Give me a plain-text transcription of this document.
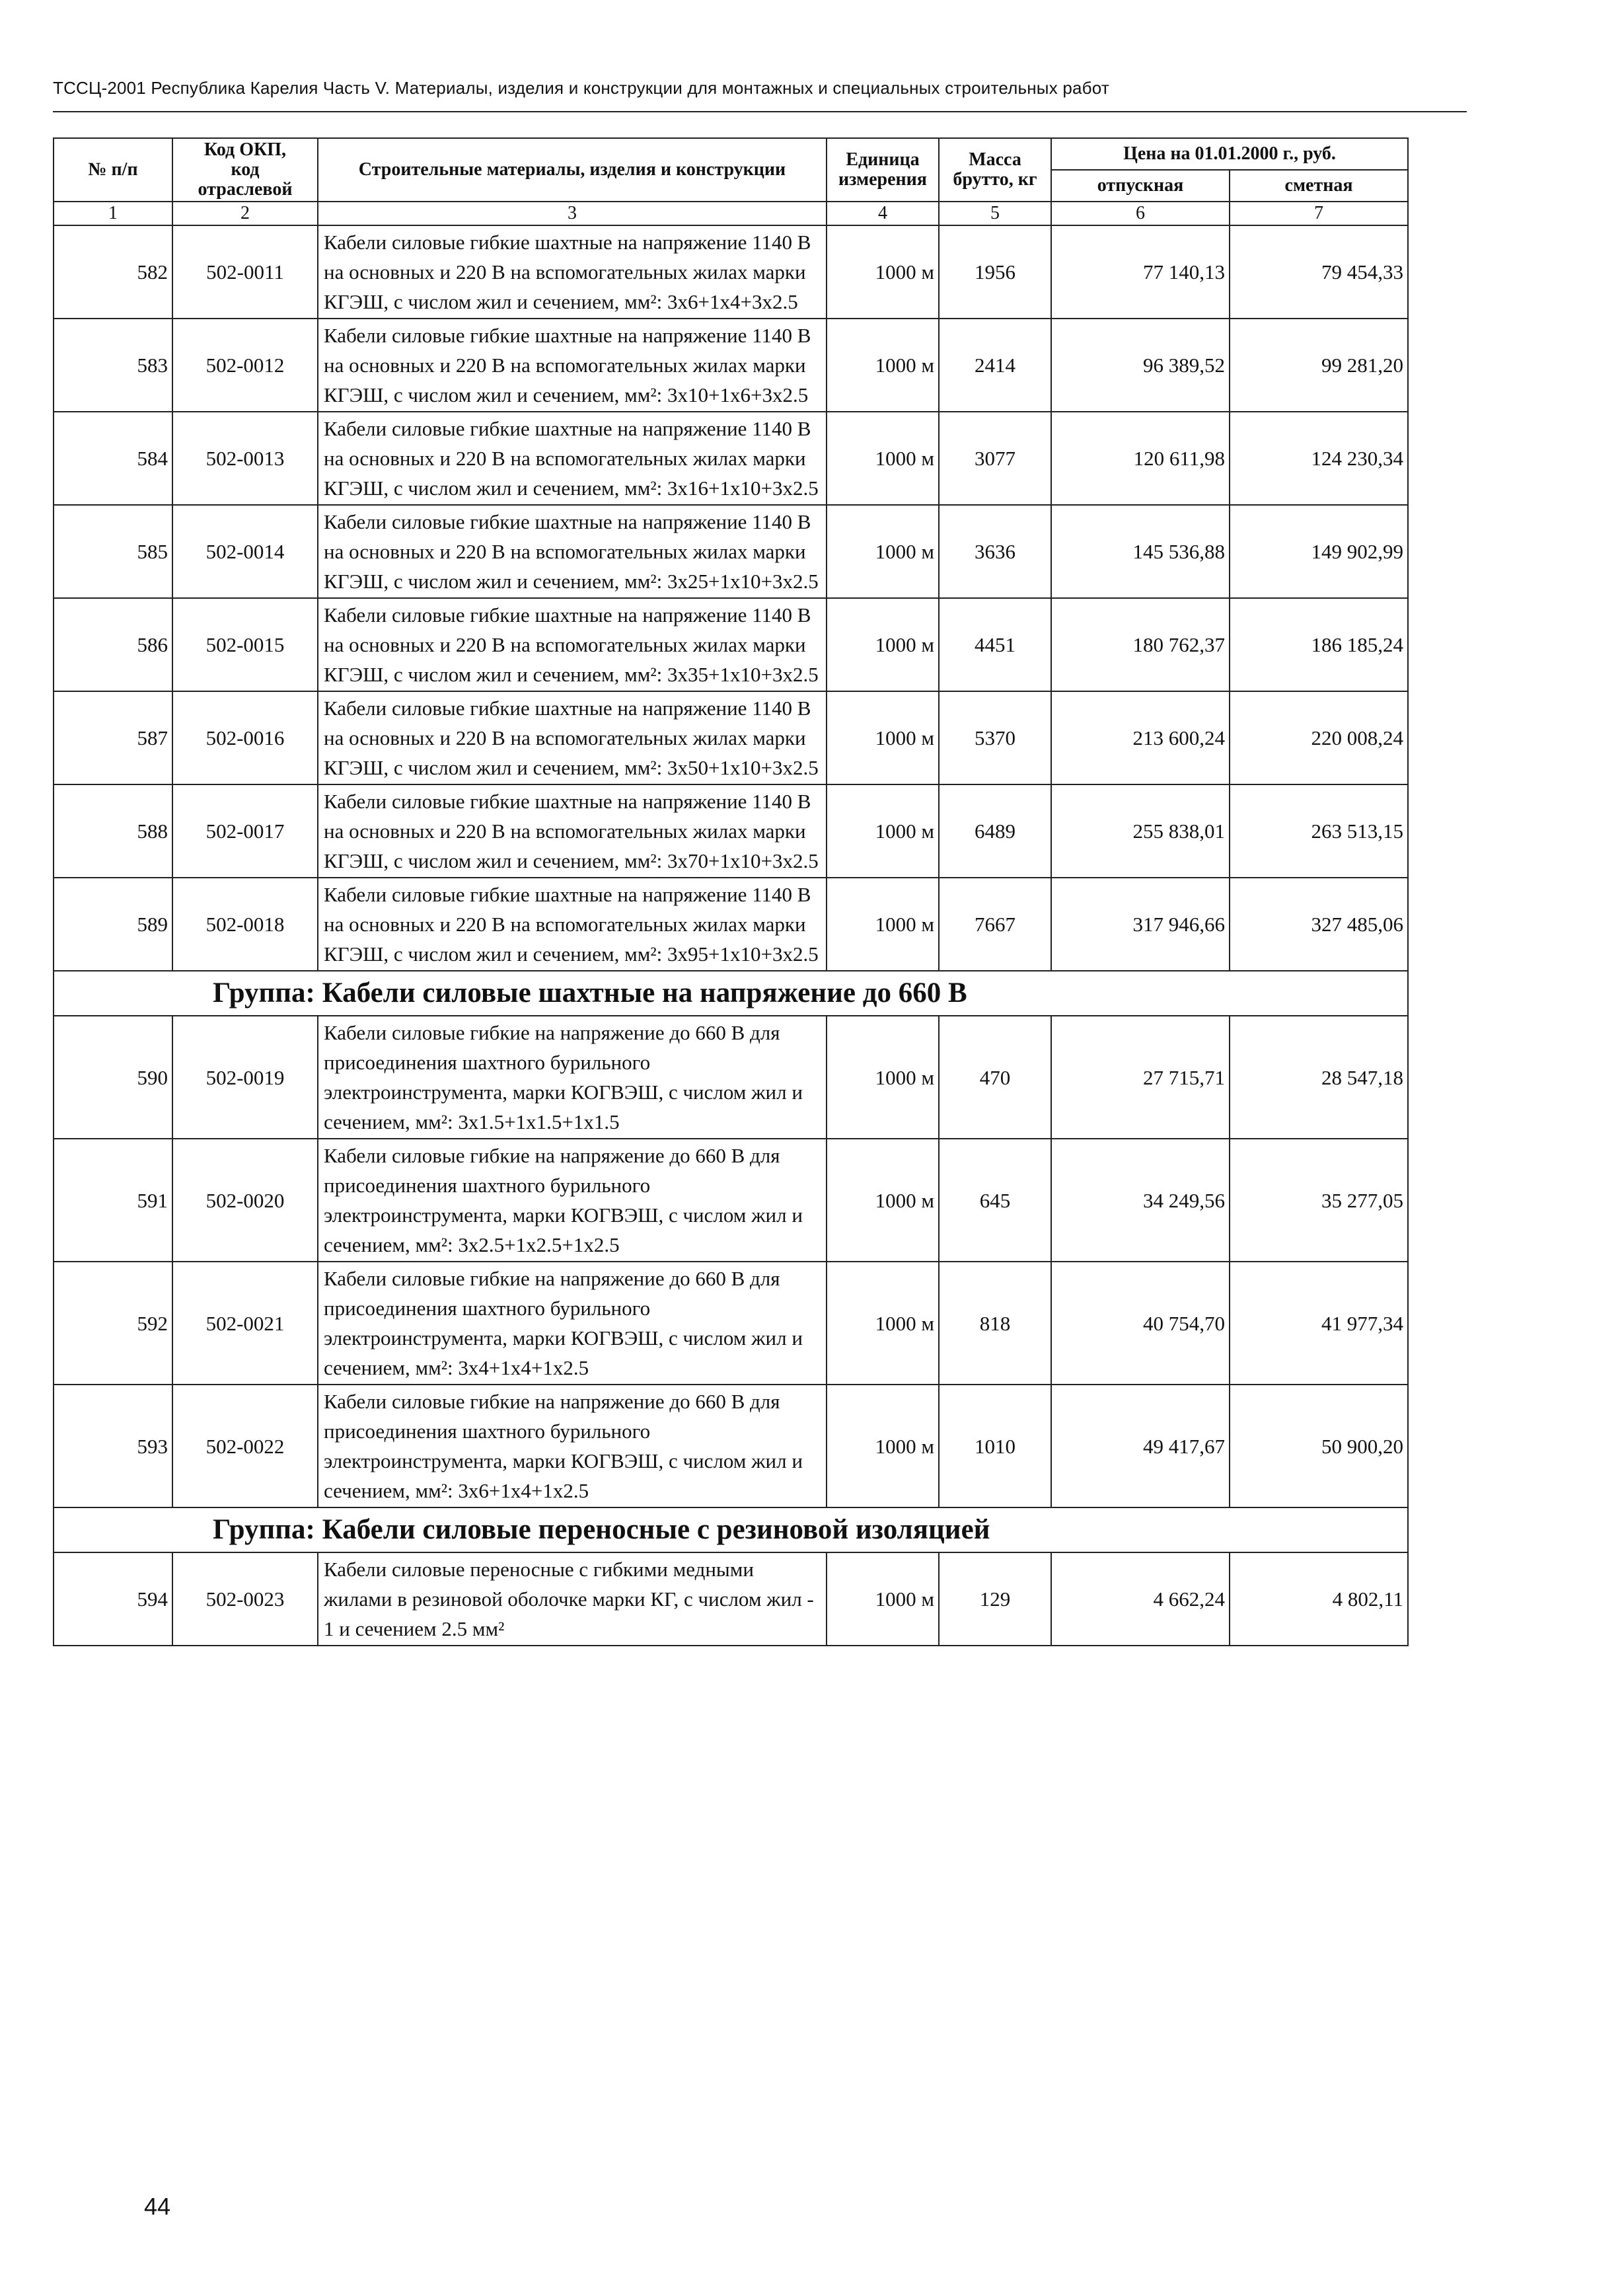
ТССЦ-2001 Республика Карелия Часть V. Материалы, изделия и конструкции для монтажных и специальных строительных работ
№ п/п	Код ОКП,
код
отраслевой	Строительные материалы, изделия и конструкции	Единица измерения	Масса брутто, кг	Цена на 01.01.2000 г., руб.	
					отпускная	сметная
1	2	3	4	5	6	7
582	502-0011	Кабели силовые гибкие шахтные на напряжение 1140 В на основных и 220 В на вспомогательных жилах марки КГЭШ, с числом жил и сечением, мм²: 3х6+1х4+3х2.5	1000 м	1956	77 140,13	79 454,33
583	502-0012	Кабели силовые гибкие шахтные на напряжение 1140 В на основных и 220 В на вспомогательных жилах марки КГЭШ, с числом жил и сечением, мм²: 3х10+1х6+3х2.5	1000 м	2414	96 389,52	99 281,20
584	502-0013	Кабели силовые гибкие шахтные на напряжение 1140 В на основных и 220 В на вспомогательных жилах марки КГЭШ, с числом жил и сечением, мм²: 3х16+1х10+3х2.5	1000 м	3077	120 611,98	124 230,34
585	502-0014	Кабели силовые гибкие шахтные на напряжение 1140 В на основных и 220 В на вспомогательных жилах марки КГЭШ, с числом жил и сечением, мм²: 3х25+1х10+3х2.5	1000 м	3636	145 536,88	149 902,99
586	502-0015	Кабели силовые гибкие шахтные на напряжение 1140 В на основных и 220 В на вспомогательных жилах марки КГЭШ, с числом жил и сечением, мм²: 3х35+1х10+3х2.5	1000 м	4451	180 762,37	186 185,24
587	502-0016	Кабели силовые гибкие шахтные на напряжение 1140 В на основных и 220 В на вспомогательных жилах марки КГЭШ, с числом жил и сечением, мм²: 3х50+1х10+3х2.5	1000 м	5370	213 600,24	220 008,24
588	502-0017	Кабели силовые гибкие шахтные на напряжение 1140 В на основных и 220 В на вспомогательных жилах марки КГЭШ, с числом жил и сечением, мм²: 3х70+1х10+3х2.5	1000 м	6489	255 838,01	263 513,15
589	502-0018	Кабели силовые гибкие шахтные на напряжение 1140 В на основных и 220 В на вспомогательных жилах марки КГЭШ, с числом жил и сечением, мм²: 3х95+1х10+3х2.5	1000 м	7667	317 946,66	327 485,06
Группа: Кабели силовые шахтные на напряжение до 660 В						
590	502-0019	Кабели силовые гибкие на напряжение до 660 В для присоединения шахтного бурильного электроинструмента, марки КОГВЭШ, с числом жил и сечением, мм²: 3х1.5+1х1.5+1х1.5	1000 м	470	27 715,71	28 547,18
591	502-0020	Кабели силовые гибкие на напряжение до 660 В для присоединения шахтного бурильного электроинструмента, марки КОГВЭШ, с числом жил и сечением, мм²: 3х2.5+1х2.5+1х2.5	1000 м	645	34 249,56	35 277,05
592	502-0021	Кабели силовые гибкие на напряжение до 660 В для присоединения шахтного бурильного электроинструмента, марки КОГВЭШ, с числом жил и сечением, мм²: 3х4+1х4+1х2.5	1000 м	818	40 754,70	41 977,34
593	502-0022	Кабели силовые гибкие на напряжение до 660 В для присоединения шахтного бурильного электроинструмента, марки КОГВЭШ, с числом жил и сечением, мм²: 3х6+1х4+1х2.5	1000 м	1010	49 417,67	50 900,20
Группа: Кабели силовые переносные с резиновой изоляцией						
594	502-0023	Кабели силовые переносные с гибкими медными жилами в резиновой оболочке марки КГ, с числом жил - 1 и сечением 2.5 мм²	1000 м	129	4 662,24	4 802,11
44
